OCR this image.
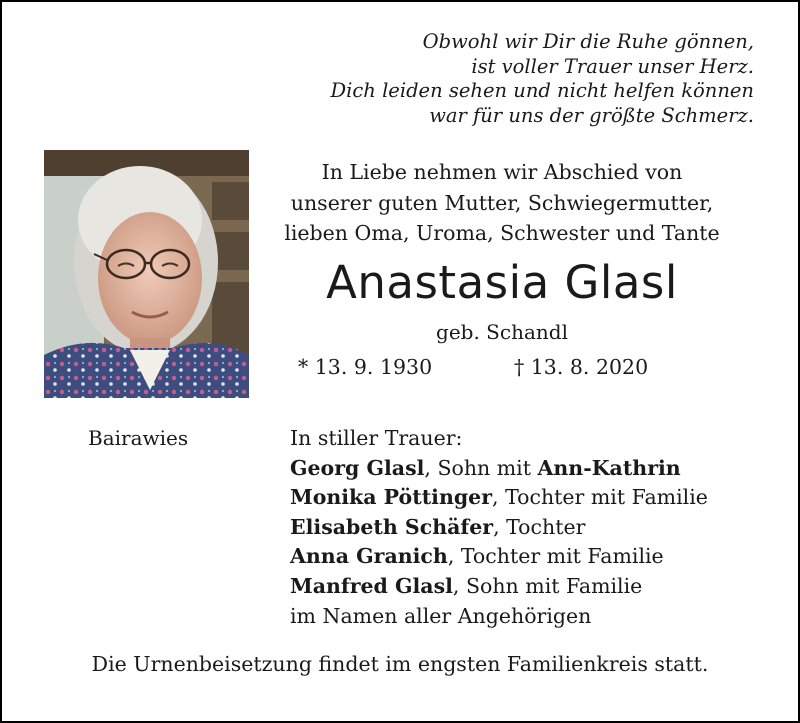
Obwohl wir Dir die Ruhe gönnen,
ist voller Trauer unser Herz.
Dich leiden sehen und nicht helfen können
war für uns der größte Schmerz.
In Liebe nehmen wir Abschied von
unserer guten Mutter, Schwiegermutter,
lieben Oma, Uroma, Schwester und Tante
Anastasia Glasl
geb. Schandl
* 13. 9. 1930	† 13. 8. 2020
Bairawies	In stiller Trauer:
Georg Glasl, Sohn mit Ann-Kathrin
Monika Pöttinger, Tochter mit Familie
Elisabeth Schäfer, Tochter
Anna Granich, Tochter mit Familie
Manfred Glasl, Sohn mit Familie
im Namen aller Angehörigen
Die Urnenbeisetzung findet im engsten Familienkreis statt.
